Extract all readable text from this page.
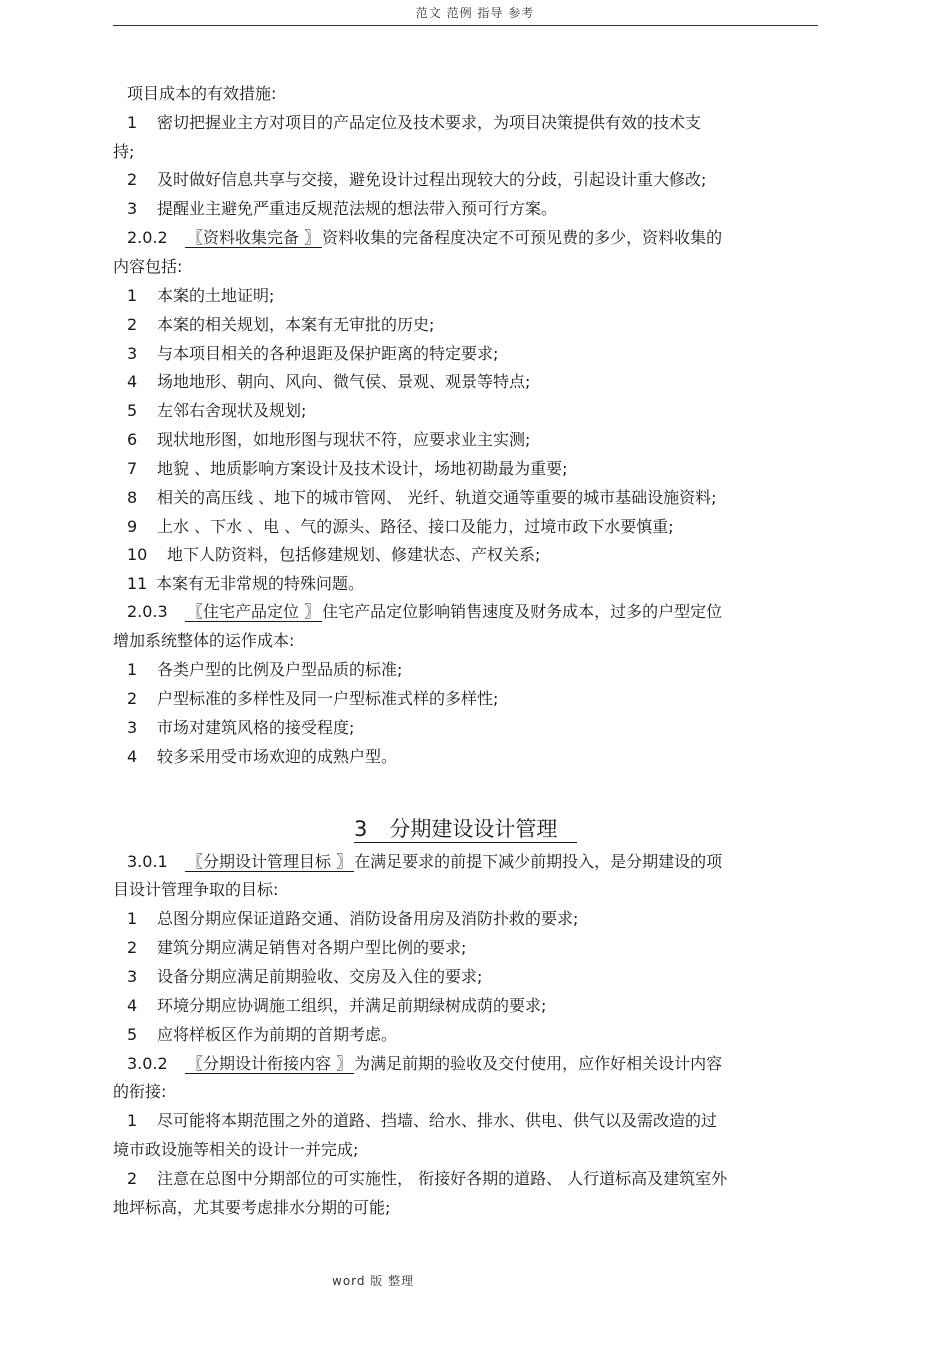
范文 范例 指导 参考
项目成本的有效措施:
1 密切把握业主方对项目的产品定位及技术要求，为项目决策提供有效的技术支
持;
2 及时做好信息共享与交接，避免设计过程出现较大的分歧，引起设计重大修改;
3 提醒业主避免严重违反规范法规的想法带入预可行方案。
2.0.2 〖资料收集完备 〗 资料收集的完备程度决定不可预见费的多少，资料收集的
内容包括:
1 本案的土地证明;
2 本案的相关规划，本案有无审批的历史;
3 与本项目相关的各种退距及保护距离的特定要求;
4 场地地形、朝向、风向、微气侯、景观、观景等特点;
5 左邻右舍现状及规划;
6 现状地形图，如地形图与现状不符，应要求业主实测;
7 地貌 、地质影响方案设计及技术设计，场地初勘最为重要;
8 相关的高压线 、地下的城市管网、 光纤、轨道交通等重要的城市基础设施资料;
9 上水 、下水 、电 、气的源头、路径、接口及能力，过境市政下水要慎重;
10 地下人防资料，包括修建规划、修建状态、产权关系;
11 本案有无非常规的特殊问题。
2.0.3 〖住宅产品定位 〗 住宅产品定位影响销售速度及财务成本，过多的户型定位
增加系统整体的运作成本:
1 各类户型的比例及户型品质的标准;
2 户型标准的多样性及同一户型标准式样的多样性;
3 市场对建筑风格的接受程度;
4 较多采用受市场欢迎的成熟户型。
3 分期建设设计管理
3.0.1 〖分期设计管理目标 〗 在满足要求的前提下减少前期投入，是分期建设的项
目设计管理争取的目标:
1 总图分期应保证道路交通、消防设备用房及消防扑救的要求;
2 建筑分期应满足销售对各期户型比例的要求;
3 设备分期应满足前期验收、交房及入住的要求;
4 环境分期应协调施工组织，并满足前期绿树成荫的要求;
5 应将样板区作为前期的首期考虑。
3.0.2 〖分期设计衔接内容 〗 为满足前期的验收及交付使用，应作好相关设计内容
的衔接:
1 尽可能将本期范围之外的道路、挡墙、给水、排水、供电、供气以及需改造的过
境市政设施等相关的设计一并完成;
2 注意在总图中分期部位的可实施性， 衔接好各期的道路、 人行道标高及建筑室外
地坪标高，尤其要考虑排水分期的可能;
word 版 整理
